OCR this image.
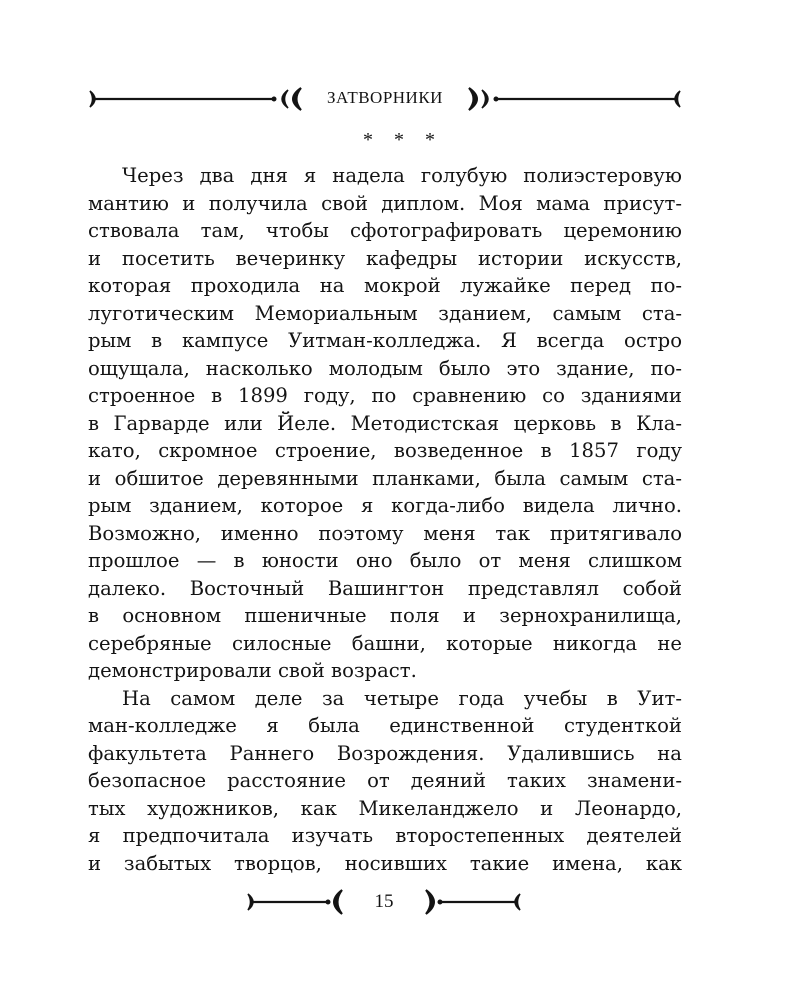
ЗАТВОРНИКИ
* * *
Через два дня я надела голубую полиэстеровую
мантию и получила свой диплом. Моя мама присут-
ствовала там, чтобы сфотографировать церемонию
и посетить вечеринку кафедры истории искусств,
которая проходила на мокрой лужайке перед по-
луготическим Мемориальным зданием, самым ста-
рым в кампусе Уитман-колледжа. Я всегда остро
ощущала, насколько молодым было это здание, по-
строенное в 1899 году, по сравнению со зданиями
в Гарварде или Йеле. Методистская церковь в Кла-
като, скромное строение, возведенное в 1857 году
и обшитое деревянными планками, была самым ста-
рым зданием, которое я когда-либо видела лично.
Возможно, именно поэтому меня так притягивало
прошлое — в юности оно было от меня слишком
далеко. Восточный Вашингтон представлял собой
в основном пшеничные поля и зернохранилища,
серебряные силосные башни, которые никогда не
демонстрировали свой возраст.
На самом деле за четыре года учебы в Уит-
ман-колледже я была единственной студенткой
факультета Раннего Возрождения. Удалившись на
безопасное расстояние от деяний таких знамени-
тых художников, как Микеланджело и Леонардо,
я предпочитала изучать второстепенных деятелей
и забытых творцов, носивших такие имена, как
15
